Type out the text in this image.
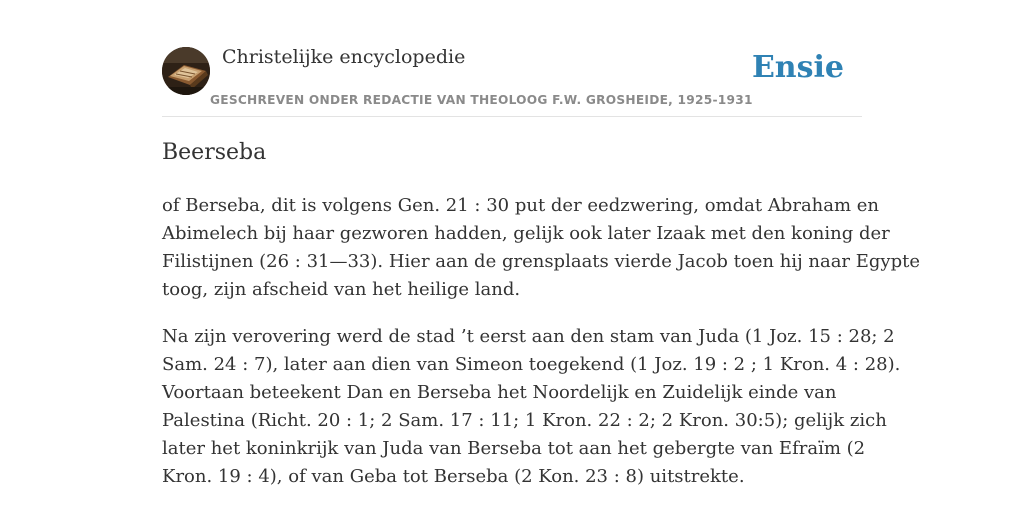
Christelijke encyclopedie
GESCHREVEN ONDER REDACTIE VAN THEOLOOG F.W. GROSHEIDE, 1925-1931
Ensie
Beerseba

of Berseba, dit is volgens Gen. 21 : 30 put der eedzwering, omdat Abraham en
Abimelech bij haar gezworen hadden, gelijk ook later Izaak met den koning der
Filistijnen (26 : 31—33). Hier aan de grensplaats vierde Jacob toen hij naar Egypte
toog, zijn afscheid van het heilige land.

Na zijn verovering werd de stad ’t eerst aan den stam van Juda (1 Joz. 15 : 28; 2
Sam. 24 : 7), later aan dien van Simeon toegekend (1 Joz. 19 : 2 ; 1 Kron. 4 : 28).
Voortaan beteekent Dan en Berseba het Noordelijk en Zuidelijk einde van
Palestina (Richt. 20 : 1; 2 Sam. 17 : 11; 1 Kron. 22 : 2; 2 Kron. 30:5); gelijk zich
later het koninkrijk van Juda van Berseba tot aan het gebergte van Efraïm (2
Kron. 19 : 4), of van Geba tot Berseba (2 Kon. 23 : 8) uitstrekte.
